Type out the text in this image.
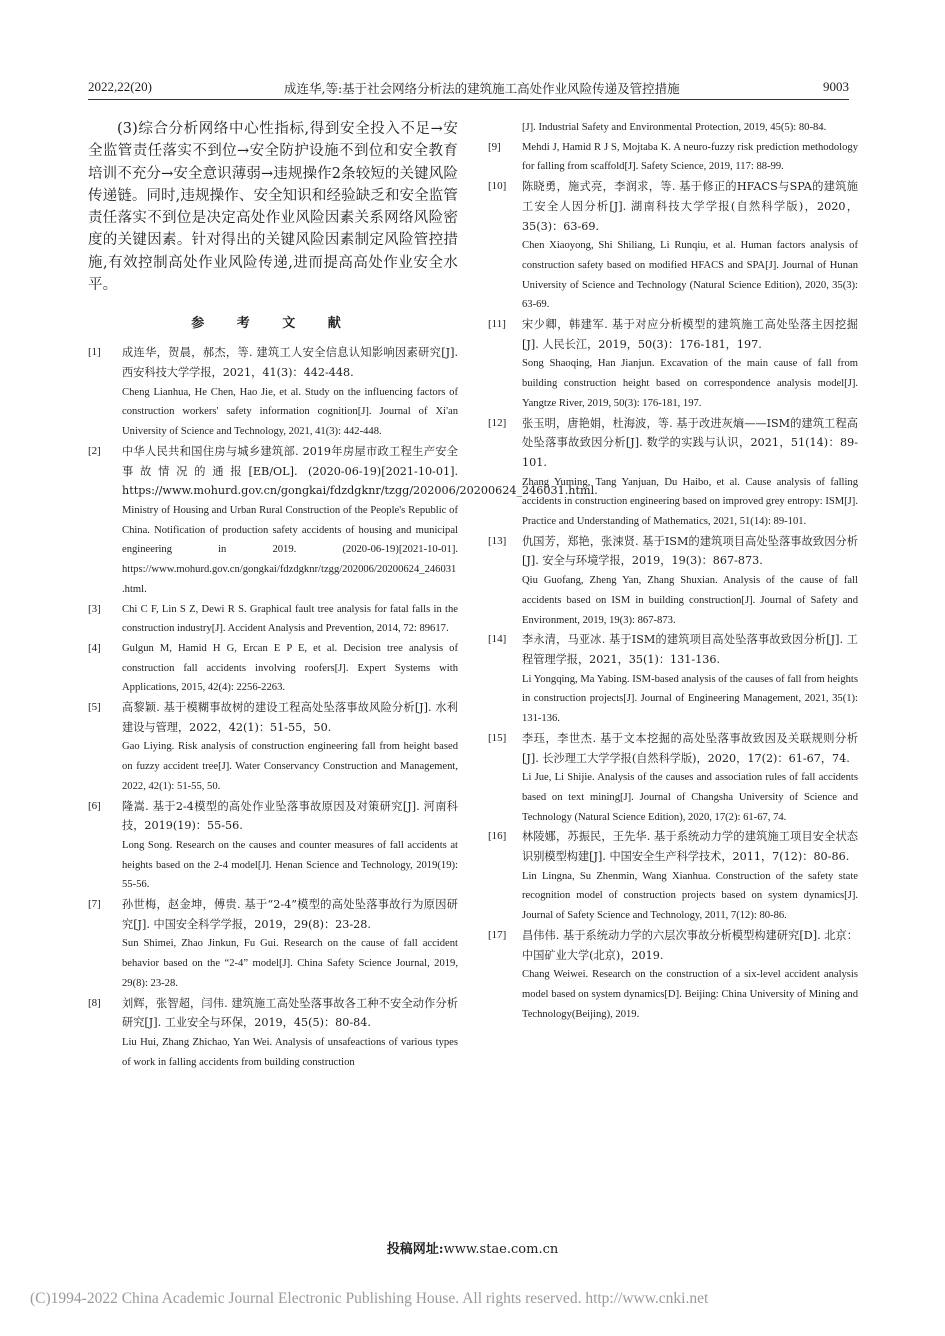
2022,22(20)	成连华,等:基于社会网络分析法的建筑施工高处作业风险传递及管控措施	9003

(3)综合分析网络中心性指标,得到安全投入不足→安全监管责任落实不到位→安全防护设施不到位和安全教育培训不充分→安全意识薄弱→违规操作2条较短的关键风险传递链。同时,违规操作、安全知识和经验缺乏和安全监管责任落实不到位是决定高处作业风险因素关系网络风险密度的关键因素。针对得出的关键风险因素制定风险管控措施,有效控制高处作业风险传递,进而提高高处作业安全水平。

参 考 文 献
[1] 成连华，贺晨，郝杰，等. 建筑工人安全信息认知影响因素研究[J]. 西安科技大学学报，2021，41(3)：442-448.
Cheng Lianhua, He Chen, Hao Jie, et al. Study on the influencing factors of construction workers' safety information cognition[J]. Journal of Xi'an University of Science and Technology, 2021, 41(3): 442-448.
[2] 中华人民共和国住房与城乡建筑部. 2019年房屋市政工程生产安全事故情况的通报[EB/OL]. (2020-06-19)[2021-10-01]. https://www.mohurd.gov.cn/gongkai/fdzdgknr/tzgg/202006/20200624_246031.html.
Ministry of Housing and Urban Rural Construction of the People's Republic of China. Notification of production safety accidents of housing and municipal engineering in 2019. (2020-06-19)[2021-10-01]. https://www.mohurd.gov.cn/gongkai/fdzdgknr/tzgg/202006/20200624_246031.html.
[3] Chi C F, Lin S Z, Dewi R S. Graphical fault tree analysis for fatal falls in the construction industry[J]. Accident Analysis and Prevention, 2014, 72: 89617.
[4] Gulgun M, Hamid H G, Ercan E P E, et al. Decision tree analysis of construction fall accidents involving roofers[J]. Expert Systems with Applications, 2015, 42(4): 2256-2263.
[5] 高黎颖. 基于模糊事故树的建设工程高处坠落事故风险分析[J]. 水利建设与管理，2022，42(1)：51-55，50.
Gao Liying. Risk analysis of construction engineering fall from height based on fuzzy accident tree[J]. Water Conservancy Construction and Management, 2022, 42(1): 51-55, 50.
[6] 隆嵩. 基于2-4模型的高处作业坠落事故原因及对策研究[J]. 河南科技，2019(19)：55-56.
Long Song. Research on the causes and counter measures of fall accidents at heights based on the 2-4 model[J]. Henan Science and Technology, 2019(19): 55-56.
[7] 孙世梅，赵金坤，傅贵. 基于“2-4”模型的高处坠落事故行为原因研究[J]. 中国安全科学学报，2019，29(8)：23-28.
Sun Shimei, Zhao Jinkun, Fu Gui. Research on the cause of fall accident behavior based on the “2-4” model[J]. China Safety Science Journal, 2019, 29(8): 23-28.
[8] 刘辉，张智超，闫伟. 建筑施工高处坠落事故各工种不安全动作分析研究[J]. 工业安全与环保，2019，45(5)：80-84.
Liu Hui, Zhang Zhichao, Yan Wei. Analysis of unsafeactions of various types of work in falling accidents from building construction
[J]. Industrial Safety and Environmental Protection, 2019, 45(5): 80-84.
[9] Mehdi J, Hamid R J S, Mojtaba K. A neuro-fuzzy risk prediction methodology for falling from scaffold[J]. Safety Science, 2019, 117: 88-99.
[10] 陈晓勇，施式亮，李润求，等. 基于修正的HFACS与SPA的建筑施工安全人因分析[J]. 湖南科技大学学报(自然科学版)，2020，35(3)：63-69.
Chen Xiaoyong, Shi Shiliang, Li Runqiu, et al. Human factors analysis of construction safety based on modified HFACS and SPA[J]. Journal of Hunan University of Science and Technology (Natural Science Edition), 2020, 35(3): 63-69.
[11] 宋少卿，韩建军. 基于对应分析模型的建筑施工高处坠落主因挖掘[J]. 人民长江，2019，50(3)：176-181，197.
Song Shaoqing, Han Jianjun. Excavation of the main cause of fall from building construction height based on correspondence analysis model[J]. Yangtze River, 2019, 50(3): 176-181, 197.
[12] 张玉明，唐艳娟，杜海波，等. 基于改进灰熵——ISM的建筑工程高处坠落事故致因分析[J]. 数学的实践与认识，2021，51(14)：89-101.
Zhang Yuming, Tang Yanjuan, Du Haibo, et al. Cause analysis of falling accidents in construction engineering based on improved grey entropy: ISM[J]. Practice and Understanding of Mathematics, 2021, 51(14): 89-101.
[13] 仇国芳，郑艳，张涑贤. 基于ISM的建筑项目高处坠落事故致因分析[J]. 安全与环境学报，2019，19(3)：867-873.
Qiu Guofang, Zheng Yan, Zhang Shuxian. Analysis of the cause of fall accidents based on ISM in building construction[J]. Journal of Safety and Environment, 2019, 19(3): 867-873.
[14] 李永清，马亚冰. 基于ISM的建筑项目高处坠落事故致因分析[J]. 工程管理学报，2021，35(1)：131-136.
Li Yongqing, Ma Yabing. ISM-based analysis of the causes of fall from heights in construction projects[J]. Journal of Engineering Management, 2021, 35(1): 131-136.
[15] 李珏，李世杰. 基于文本挖掘的高处坠落事故致因及关联规则分析[J]. 长沙理工大学学报(自然科学版)，2020，17(2)：61-67，74.
Li Jue, Li Shijie. Analysis of the causes and association rules of fall accidents based on text mining[J]. Journal of Changsha University of Science and Technology (Natural Science Edition), 2020, 17(2): 61-67, 74.
[16] 林陵娜，苏振民，王先华. 基于系统动力学的建筑施工项目安全状态识别模型构建[J]. 中国安全生产科学技术，2011，7(12)：80-86.
Lin Lingna, Su Zhenmin, Wang Xianhua. Construction of the safety state recognition model of construction projects based on system dynamics[J]. Journal of Safety Science and Technology, 2011, 7(12): 80-86.
[17] 昌伟伟. 基于系统动力学的六层次事故分析模型构建研究[D]. 北京：中国矿业大学(北京)，2019.
Chang Weiwei. Research on the construction of a six-level accident analysis model based on system dynamics[D]. Beijing: China University of Mining and Technology(Beijing), 2019.
投稿网址:www.stae.com.cn
(C)1994-2022 China Academic Journal Electronic Publishing House. All rights reserved. http://www.cnki.net
